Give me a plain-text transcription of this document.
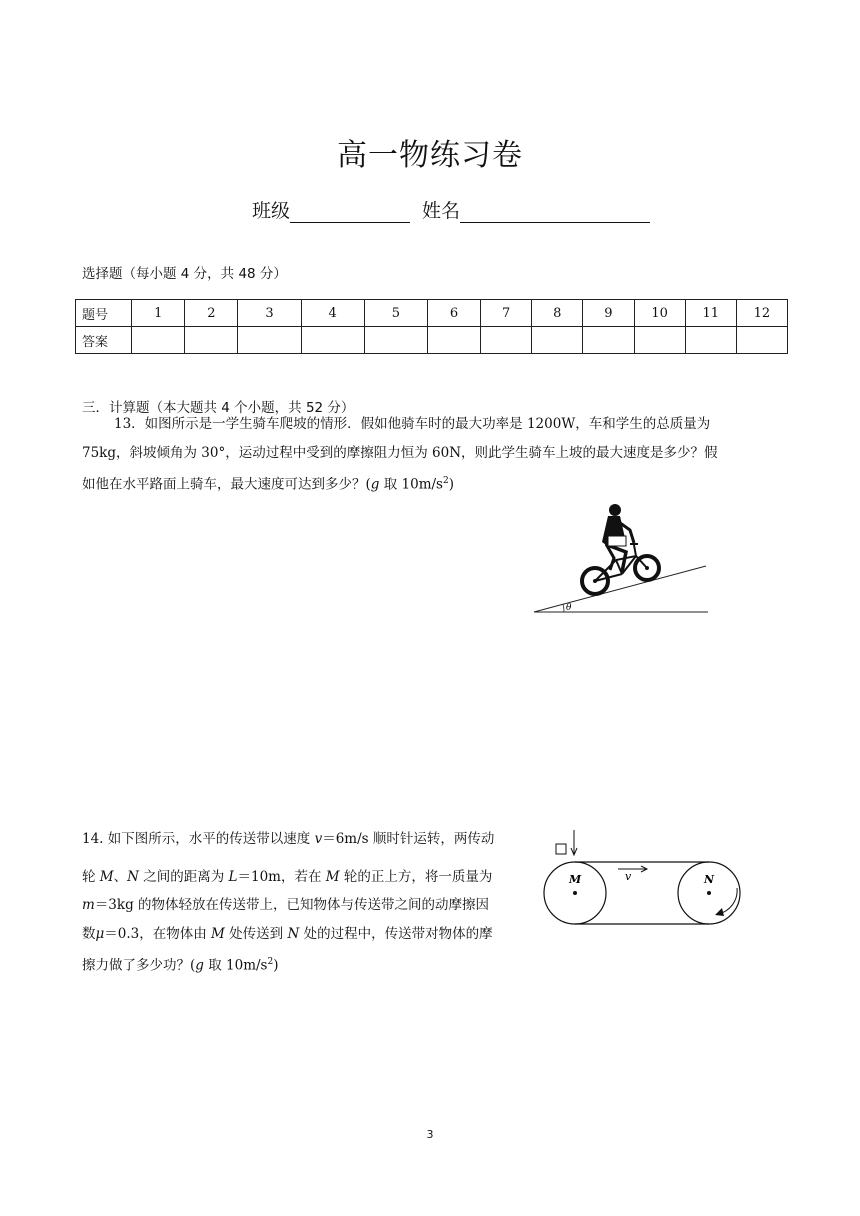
高一物练习卷
班级	姓名
选择题（每小题 4 分，共 48 分）
题号	1	2	3	4	5	6	7	8	9	10	11	12
答案												
三．计算题（本大题共 4 个小题，共 52 分）
13．如图所示是一学生骑车爬坡的情形．假如他骑车时的最大功率是 1200W，车和学生的总质量为
75kg，斜坡倾角为 30°，运动过程中受到的摩擦阻力恒为 60N，则此学生骑车上坡的最大速度是多少？假
如他在水平路面上骑车，最大速度可达到多少？(g 取 $10m/s^2$)
θ
14. 如下图所示，水平的传送带以速度 v＝6m/s 顺时针运转，两传动
轮 M、N 之间的距离为 L＝10m，若在 M 轮的正上方，将一质量为
m＝3kg 的物体轻放在传送带上，已知物体与传送带之间的动摩擦因
数μ＝0.3，在物体由 M 处传送到 N 处的过程中，传送带对物体的摩
擦力做了多少功？(g 取 $10m/s^2$)
M	N
v
3
